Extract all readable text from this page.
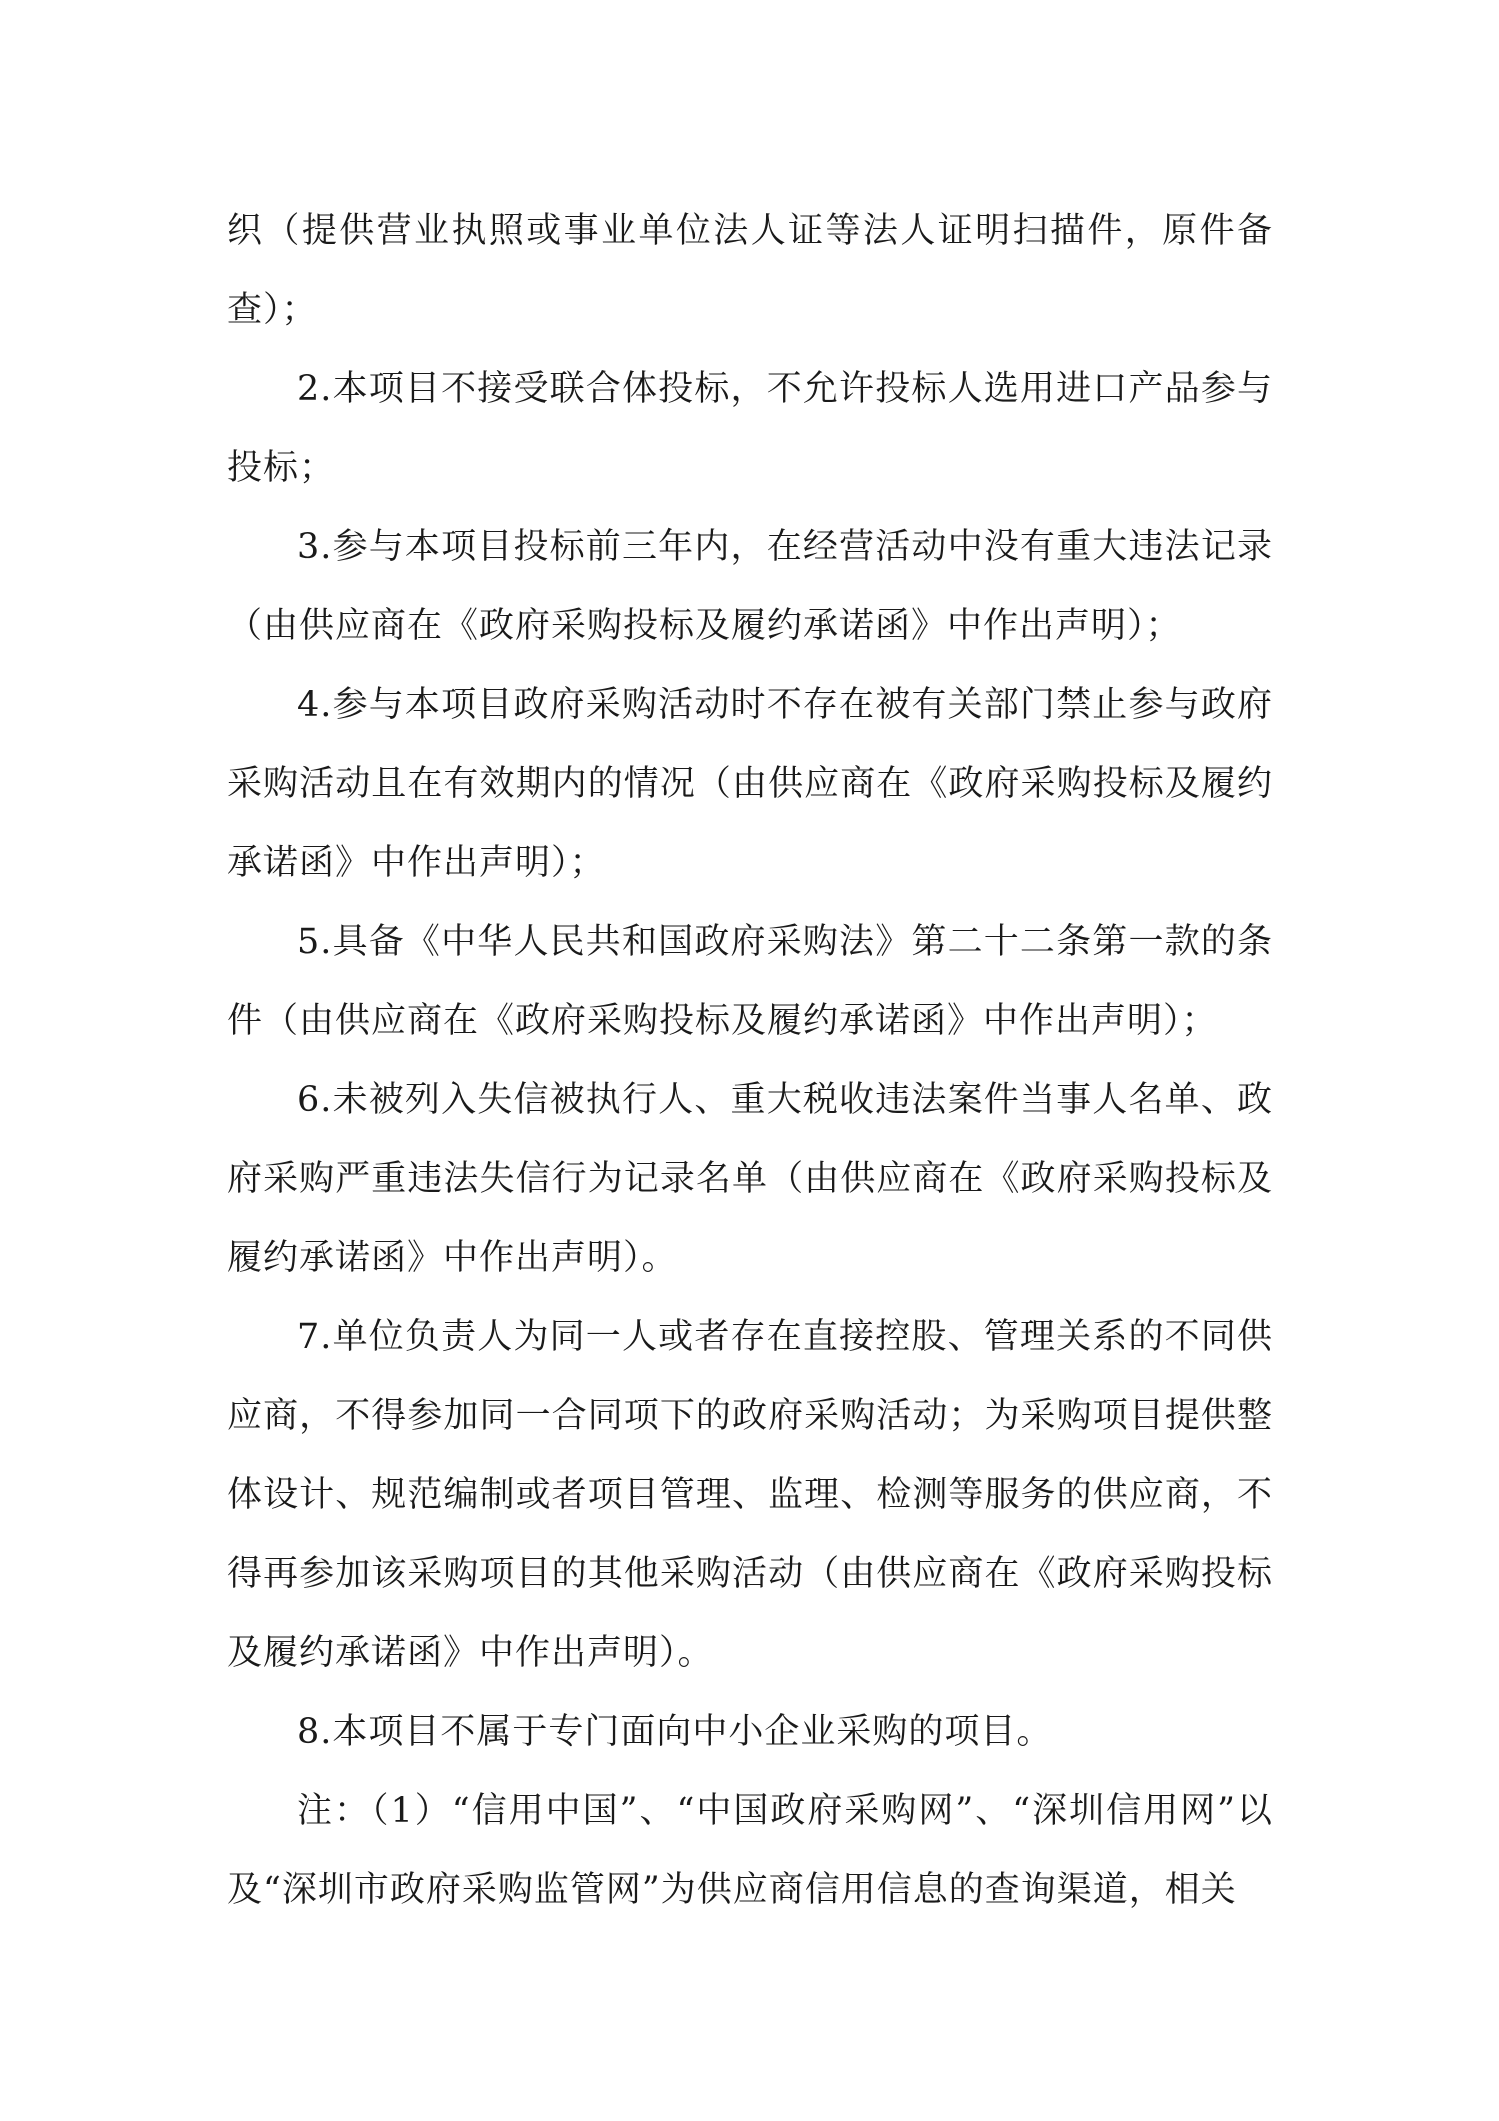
织（提供营业执照或事业单位法人证等法人证明扫描件，原件备查）；

2.本项目不接受联合体投标，不允许投标人选用进口产品参与投标；

3.参与本项目投标前三年内，在经营活动中没有重大违法记录（由供应商在《政府采购投标及履约承诺函》中作出声明）；

4.参与本项目政府采购活动时不存在被有关部门禁止参与政府采购活动且在有效期内的情况（由供应商在《政府采购投标及履约承诺函》中作出声明）；

5.具备《中华人民共和国政府采购法》第二十二条第一款的条件（由供应商在《政府采购投标及履约承诺函》中作出声明）；

6.未被列入失信被执行人、重大税收违法案件当事人名单、政府采购严重违法失信行为记录名单（由供应商在《政府采购投标及履约承诺函》中作出声明）。

7.单位负责人为同一人或者存在直接控股、管理关系的不同供应商，不得参加同一合同项下的政府采购活动；为采购项目提供整体设计、规范编制或者项目管理、监理、检测等服务的供应商，不得再参加该采购项目的其他采购活动（由供应商在《政府采购投标及履约承诺函》中作出声明）。

8.本项目不属于专门面向中小企业采购的项目。

注：（1）“信用中国”、“中国政府采购网”、“深圳信用网”以及“深圳市政府采购监管网”为供应商信用信息的查询渠道，相关
